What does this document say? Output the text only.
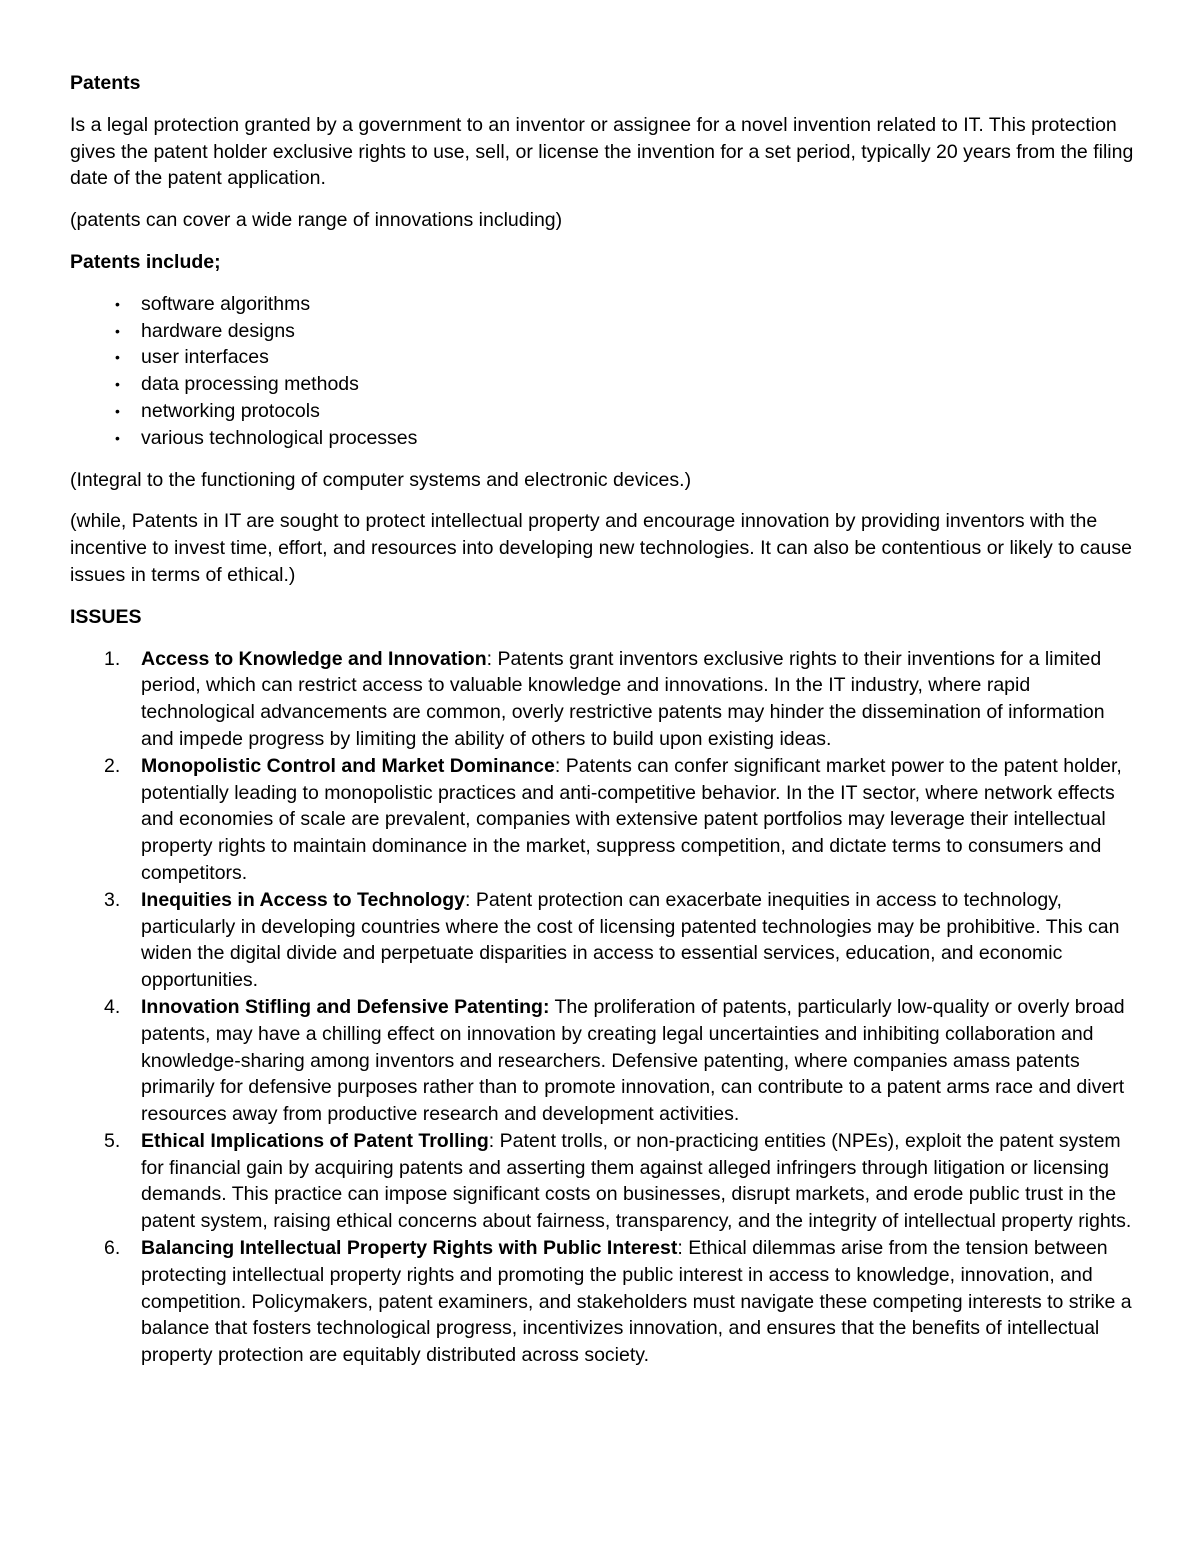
Patents

Is a legal protection granted by a government to an inventor or assignee for a novel invention related to IT. This protection gives the patent holder exclusive rights to use, sell, or license the invention for a set period, typically 20 years from the filing date of the patent application.

(patents can cover a wide range of innovations including)

Patents include;
• software algorithms
• hardware designs
• user interfaces
• data processing methods
• networking protocols
• various technological processes

(Integral to the functioning of computer systems and electronic devices.)

(while, Patents in IT are sought to protect intellectual property and encourage innovation by providing inventors with the incentive to invest time, effort, and resources into developing new technologies. It can also be contentious or likely to cause issues in terms of ethical.)

ISSUES
1. Access to Knowledge and Innovation: Patents grant inventors exclusive rights to their inventions for a limited period, which can restrict access to valuable knowledge and innovations. In the IT industry, where rapid technological advancements are common, overly restrictive patents may hinder the dissemination of information and impede progress by limiting the ability of others to build upon existing ideas.
2. Monopolistic Control and Market Dominance: Patents can confer significant market power to the patent holder, potentially leading to monopolistic practices and anti-competitive behavior. In the IT sector, where network effects and economies of scale are prevalent, companies with extensive patent portfolios may leverage their intellectual property rights to maintain dominance in the market, suppress competition, and dictate terms to consumers and competitors.
3. Inequities in Access to Technology: Patent protection can exacerbate inequities in access to technology, particularly in developing countries where the cost of licensing patented technologies may be prohibitive. This can widen the digital divide and perpetuate disparities in access to essential services, education, and economic opportunities.
4. Innovation Stifling and Defensive Patenting: The proliferation of patents, particularly low-quality or overly broad patents, may have a chilling effect on innovation by creating legal uncertainties and inhibiting collaboration and knowledge-sharing among inventors and researchers. Defensive patenting, where companies amass patents primarily for defensive purposes rather than to promote innovation, can contribute to a patent arms race and divert resources away from productive research and development activities.
5. Ethical Implications of Patent Trolling: Patent trolls, or non-practicing entities (NPEs), exploit the patent system for financial gain by acquiring patents and asserting them against alleged infringers through litigation or licensing demands. This practice can impose significant costs on businesses, disrupt markets, and erode public trust in the patent system, raising ethical concerns about fairness, transparency, and the integrity of intellectual property rights.
6. Balancing Intellectual Property Rights with Public Interest: Ethical dilemmas arise from the tension between protecting intellectual property rights and promoting the public interest in access to knowledge, innovation, and competition. Policymakers, patent examiners, and stakeholders must navigate these competing interests to strike a balance that fosters technological progress, incentivizes innovation, and ensures that the benefits of intellectual property protection are equitably distributed across society.
